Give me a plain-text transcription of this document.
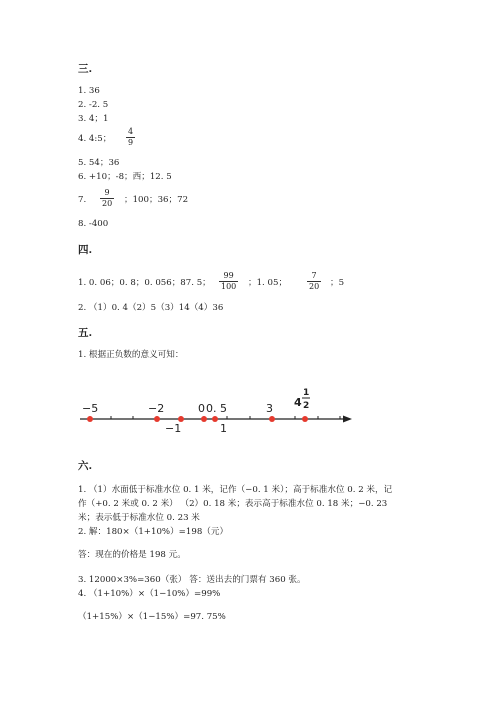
三.
1. 36
2. -2. 5
3. 4；1
4. 4:5； $\frac{4}{9}$
5. 54；36
6. +10；-8；西；12. 5
7. $\frac{9}{20}$ ；100；36；72
8. -400
四.
1. 0. 06；0. 8；0. 056；87. 5； $\frac{99}{100}$ ；1. 05； $\frac{7}{20}$ ；5
2. （1）0. 4（2）5（3）14（4）36
五.
1. 根据正负数的意义可知：
−5	−2	0 0. 5	3
−1	1
4
1
2
六.
1. （1）水面低于标准水位 0. 1 米，记作（−0. 1 米）；高于标准水位 0. 2 米，记
作（+0. 2 米或 0. 2 米） （2）0. 18 米；表示高于标准水位 0. 18 米；−0. 23
米；表示低于标准水位 0. 23 米
2. 解：180×（1+10%）=198（元）
答：现在的价格是 198 元。
3. 12000×3%=360（张） 答：送出去的门票有 360 张。
4. （1+10%）×（1−10%）=99%
（1+15%）×（1−15%）=97. 75%
